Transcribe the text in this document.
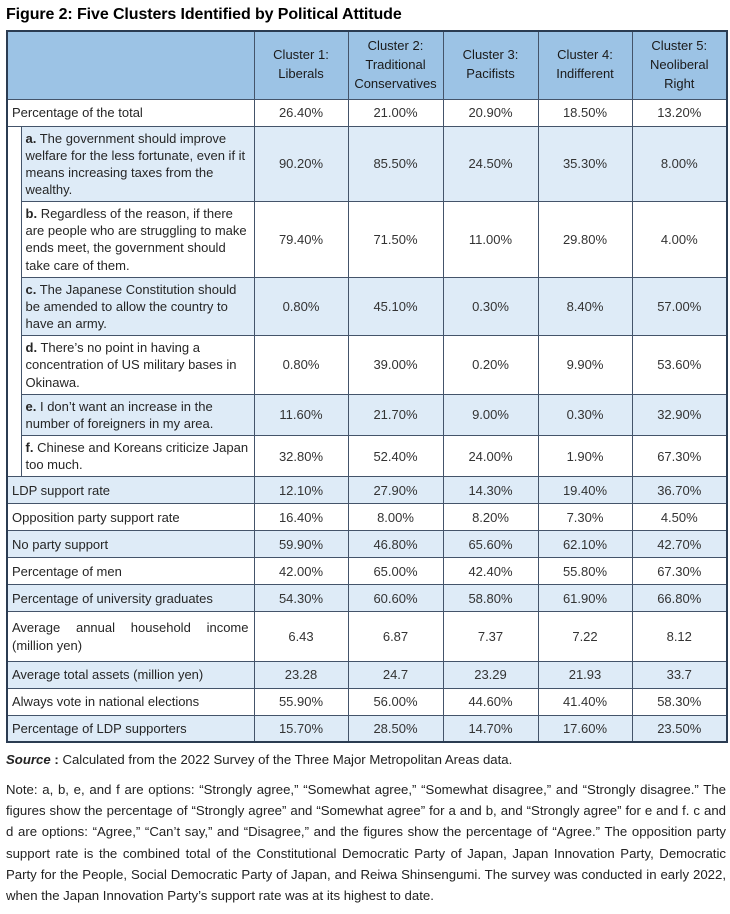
Figure 2: Five Clusters Identified by Political Attitude
		Cluster 1: Liberals	Cluster 2: Traditional Conservatives	Cluster 3: Pacifists	Cluster 4: Indifferent	Cluster 5: Neoliberal Right
Percentage of the total		26.40%	21.00%	20.90%	18.50%	13.20%
	a. The government should improve welfare for the less fortunate, even if it means increasing taxes from the wealthy.	90.20%	85.50%	24.50%	35.30%	8.00%
	b. Regardless of the reason, if there are people who are struggling to make ends meet, the government should take care of them.	79.40%	71.50%	11.00%	29.80%	4.00%
	c. The Japanese Constitution should be amended to allow the country to have an army.	0.80%	45.10%	0.30%	8.40%	57.00%
	d. There’s no point in having a concentration of US military bases in Okinawa.	0.80%	39.00%	0.20%	9.90%	53.60%
	e. I don’t want an increase in the number of foreigners in my area.	11.60%	21.70%	9.00%	0.30%	32.90%
	f. Chinese and Koreans criticize Japan too much.	32.80%	52.40%	24.00%	1.90%	67.30%
LDP support rate		12.10%	27.90%	14.30%	19.40%	36.70%
Opposition party support rate		16.40%	8.00%	8.20%	7.30%	4.50%
No party support		59.90%	46.80%	65.60%	62.10%	42.70%
Percentage of men		42.00%	65.00%	42.40%	55.80%	67.30%
Percentage of university graduates		54.30%	60.60%	58.80%	61.90%	66.80%
Average annual household income (million yen)		6.43	6.87	7.37	7.22	8.12
Average total assets (million yen)		23.28	24.7	23.29	21.93	33.7
Always vote in national elections		55.90%	56.00%	44.60%	41.40%	58.30%
Percentage of LDP supporters		15.70%	28.50%	14.70%	17.60%	23.50%

Source : Calculated from the 2022 Survey of the Three Major Metropolitan Areas data.

Note: a, b, e, and f are options: “Strongly agree,” “Somewhat agree,” “Somewhat disagree,” and “Strongly disagree.” The figures show the percentage of “Strongly agree” and “Somewhat agree” for a and b, and “Strongly agree” for e and f. c and d are options: “Agree,” “Can’t say,” and “Disagree,” and the figures show the percentage of “Agree.” The opposition party support rate is the combined total of the Constitutional Democratic Party of Japan, Japan Innovation Party, Democratic Party for the People, Social Democratic Party of Japan, and Reiwa Shinsengumi. The survey was conducted in early 2022, when the Japan Innovation Party’s support rate was at its highest to date.
